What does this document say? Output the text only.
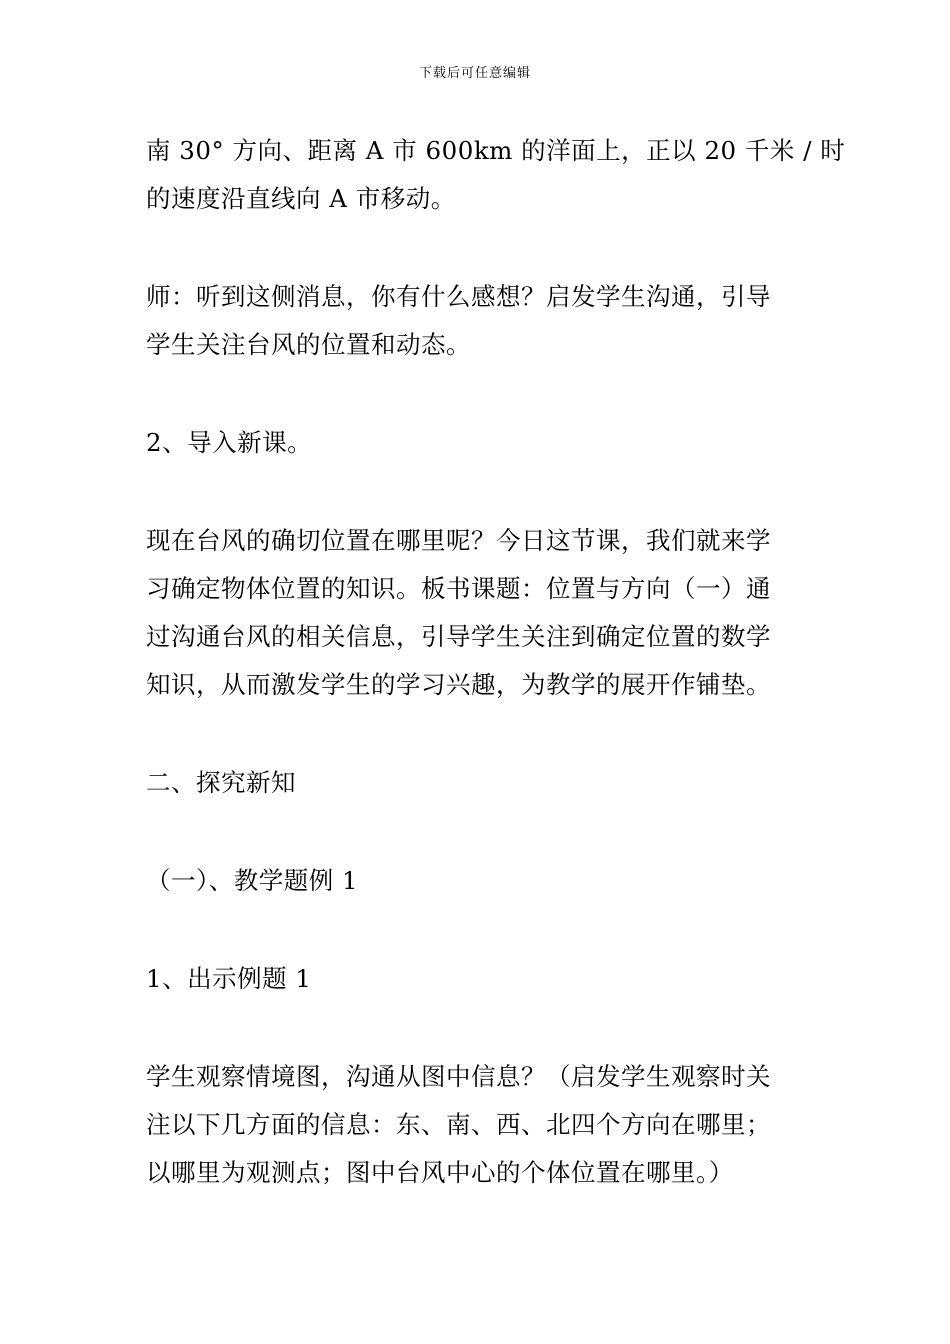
下载后可任意编辑

南 30° 方向、距离 A 市 600km 的洋面上，正以 20 千米 / 时
的速度沿直线向 A 市移动。

师：听到这侧消息，你有什么感想？启发学生沟通，引导
学生关注台风的位置和动态。

2、导入新课。

现在台风的确切位置在哪里呢？今日这节课，我们就来学
习确定物体位置的知识。板书课题：位置与方向（一）通
过沟通台风的相关信息，引导学生关注到确定位置的数学
知识，从而激发学生的学习兴趣，为教学的展开作铺垫。

二、探究新知

（一）、教学题例 1

1、出示例题 1

学生观察情境图，沟通从图中信息？（启发学生观察时关
注以下几方面的信息：东、南、西、北四个方向在哪里；
以哪里为观测点；图中台风中心的个体位置在哪里。）
